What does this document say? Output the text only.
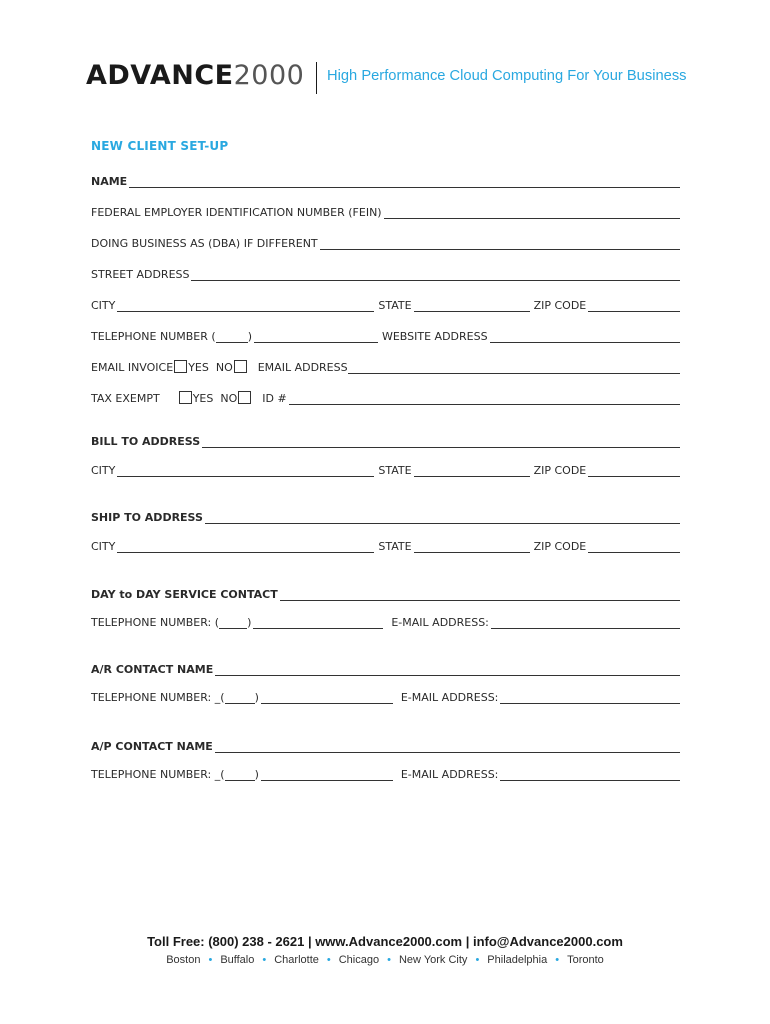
ADVANCE2000 High Performance Cloud Computing For Your Business
NEW CLIENT SET-UP
NAME
FEDERAL EMPLOYER IDENTIFICATION NUMBER (FEIN)
DOING BUSINESS AS (DBA) IF DIFFERENT
STREET ADDRESS
CITY	STATE	ZIP CODE
TELEPHONE NUMBER (	)	WEBSITE ADDRESS
EMAIL INVOICE YES NO EMAIL ADDRESS
TAX EXEMPT	YES NO ID #
BILL TO ADDRESS
CITY	STATE	ZIP CODE
SHIP TO ADDRESS
CITY	STATE	ZIP CODE
DAY to DAY SERVICE CONTACT
TELEPHONE NUMBER: (	)	E-MAIL ADDRESS:
A/R CONTACT NAME
TELEPHONE NUMBER: _(	)	E-MAIL ADDRESS:
A/P CONTACT NAME
TELEPHONE NUMBER: _(	)	E-MAIL ADDRESS:
Toll Free: (800) 238 - 2621 | www.Advance2000.com | info@Advance2000.com
Boston • Buffalo • Charlotte • Chicago • New York City • Philadelphia • Toronto
